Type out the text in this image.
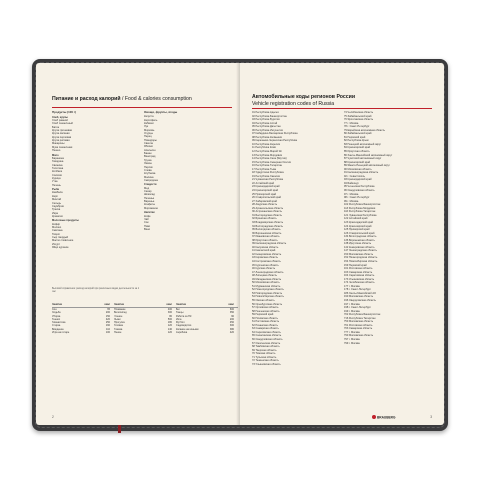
Питание и расход калорий / Food & calories consumption
Продукты (100 г)
Хлеб, крупы
Хлеб ржаной
Хлеб пшеничный
Батон
Крупа гречневая
Крупа овсяная
Крупа перловая
Крупа рисовая
Макароны
Мука пшеничная
Пшено
Мясо
Баранина
Говядина
Свинина
Телятина
Колбаса
Сосиски
Курица
Утка
Печень
Рыба
Камбала
Карп
Минтай
Сельдь
Скумбрия
Треска
Икра
Креветки
Молочные продукты
Кефир
Молоко
Сметана
Творог
Сыр твердый
Масло сливочное
Йогурт
Яйцо куриное
Овощи, фрукты, ягоды
Капуста
Картофель
Кабачки
Лук
Морковь
Огурцы
Перец
Помидоры
Свекла
Яблоки
Апельсин
Банан
Виноград
Груша
Лимон
Персик
Слива
Клубника
Малина
Смородина
Сладости
Мед
Сахар
Шоколад
Печенье
Варенье
Конфеты
Мороженое
Напитки
Кофе
Чай
Сок
Пиво
Вино
Бытовой справочник: расход калорий при различных видах деятельности за 1 час
Занятие	ккал	Занятие	ккал	Занятие	ккал
Сон	65	Плавание	400	Бег	600
Ходьба	200	Велосипед	300	Танцы	350
Уборка	150	Чтение	80	Работа за ПК	90
Теннис	420	Лыжи	500	Йога	200
Гимнастика	250	Прогулка	180	Футбол	450
Стирка	160	Готовка	120	Садоводство	300
Вождение	110	Глажка	140	Катание на коньках	380
Игра на гитаре	100	Пение	120	Аэробика	420
2
Автомобильные коды регионов России
Vehicle registration codes of Russia
01 Республика Адыгея
02 Республика Башкортостан
03 Республика Бурятия
04 Республика Алтай
05 Республика Дагестан
06 Республика Ингушетия
07 Кабардино-Балкарская Республика
08 Республика Калмыкия
09 Карачаево-Черкесская Республика
10 Республика Карелия
11 Республика Коми
12 Республика Марий Эл
13 Республика Мордовия
14 Республика Саха (Якутия)
15 Республика Северная Осетия
16 Республика Татарстан
17 Республика Тыва
18 Удмуртская Республика
19 Республика Хакасия
21 Чувашская Республика
22 Алтайский край
23 Краснодарский край
24 Красноярский край
25 Приморский край
26 Ставропольский край
27 Хабаровский край
28 Амурская область
29 Архангельская область
30 Астраханская область
31 Белгородская область
32 Брянская область
33 Владимирская область
34 Волгоградская область
35 Вологодская область
36 Воронежская область
37 Ивановская область
38 Иркутская область
39 Калининградская область
40 Калужская область
41 Камчатский край
42 Кемеровская область
43 Кировская область
44 Костромская область
45 Курганская область
46 Курская область
47 Ленинградская область
48 Липецкая область
49 Магаданская область
50 Московская область
51 Мурманская область
52 Нижегородская область
53 Новгородская область
54 Новосибирская область
55 Омская область
56 Оренбургская область
57 Орловская область
58 Пензенская область
59 Пермский край
60 Псковская область
61 Ростовская область
62 Рязанская область
63 Самарская область
64 Саратовская область
65 Сахалинская область
66 Свердловская область
67 Смоленская область
68 Тамбовская область
69 Тверская область
70 Томская область
71 Тульская область
72 Тюменская область
73 Ульяновская область
74 Челябинская область
75 Забайкальский край
76 Ярославская область
77 г. Москва
78 г. Санкт-Петербург
79 Еврейская автономная область
80 Забайкальский край
81 Пермский край
82 Республика Крым
83 Ненецкий автономный округ
84 Красноярский край
85 Иркутская область
86 Ханты-Мансийский автономный округ
87 Чукотский автономный округ
88 Красноярский край
89 Ямало-Ненецкий автономный округ
90 Московская область
91 Калининградская область
92 г. Севастополь
93 Краснодарский край
94 Байконур
95 Чеченская Республика
96 Свердловская область
97 г. Москва
98 г. Санкт-Петербург
99 г. Москва
102 Республика Башкортостан
113 Республика Мордовия
116 Республика Татарстан
121 Чувашская Республика
122 Алтайский край
123 Краснодарский край
124 Красноярский край
125 Приморский край
126 Ставропольский край
134 Волгоградская область
136 Воронежская область
138 Иркутская область
142 Кемеровская область
147 Ленинградская область
150 Московская область
152 Нижегородская область
154 Новосибирская область
159 Пермский край
161 Ростовская область
163 Самарская область
164 Саратовская область
173 Ульяновская область
174 Челябинская область
177 г. Москва
178 г. Санкт-Петербург
186 Ханты-Мансийский АО
190 Московская область
196 Свердловская область
197 г. Москва
198 г. Санкт-Петербург
199 г. Москва
702 Республика Башкортостан
716 Республика Татарстан
750 Московская область
761 Ростовская область
763 Самарская область
777 г. Москва
790 Московская область
797 г. Москва
799 г. Москва
BRAUBERG	3
